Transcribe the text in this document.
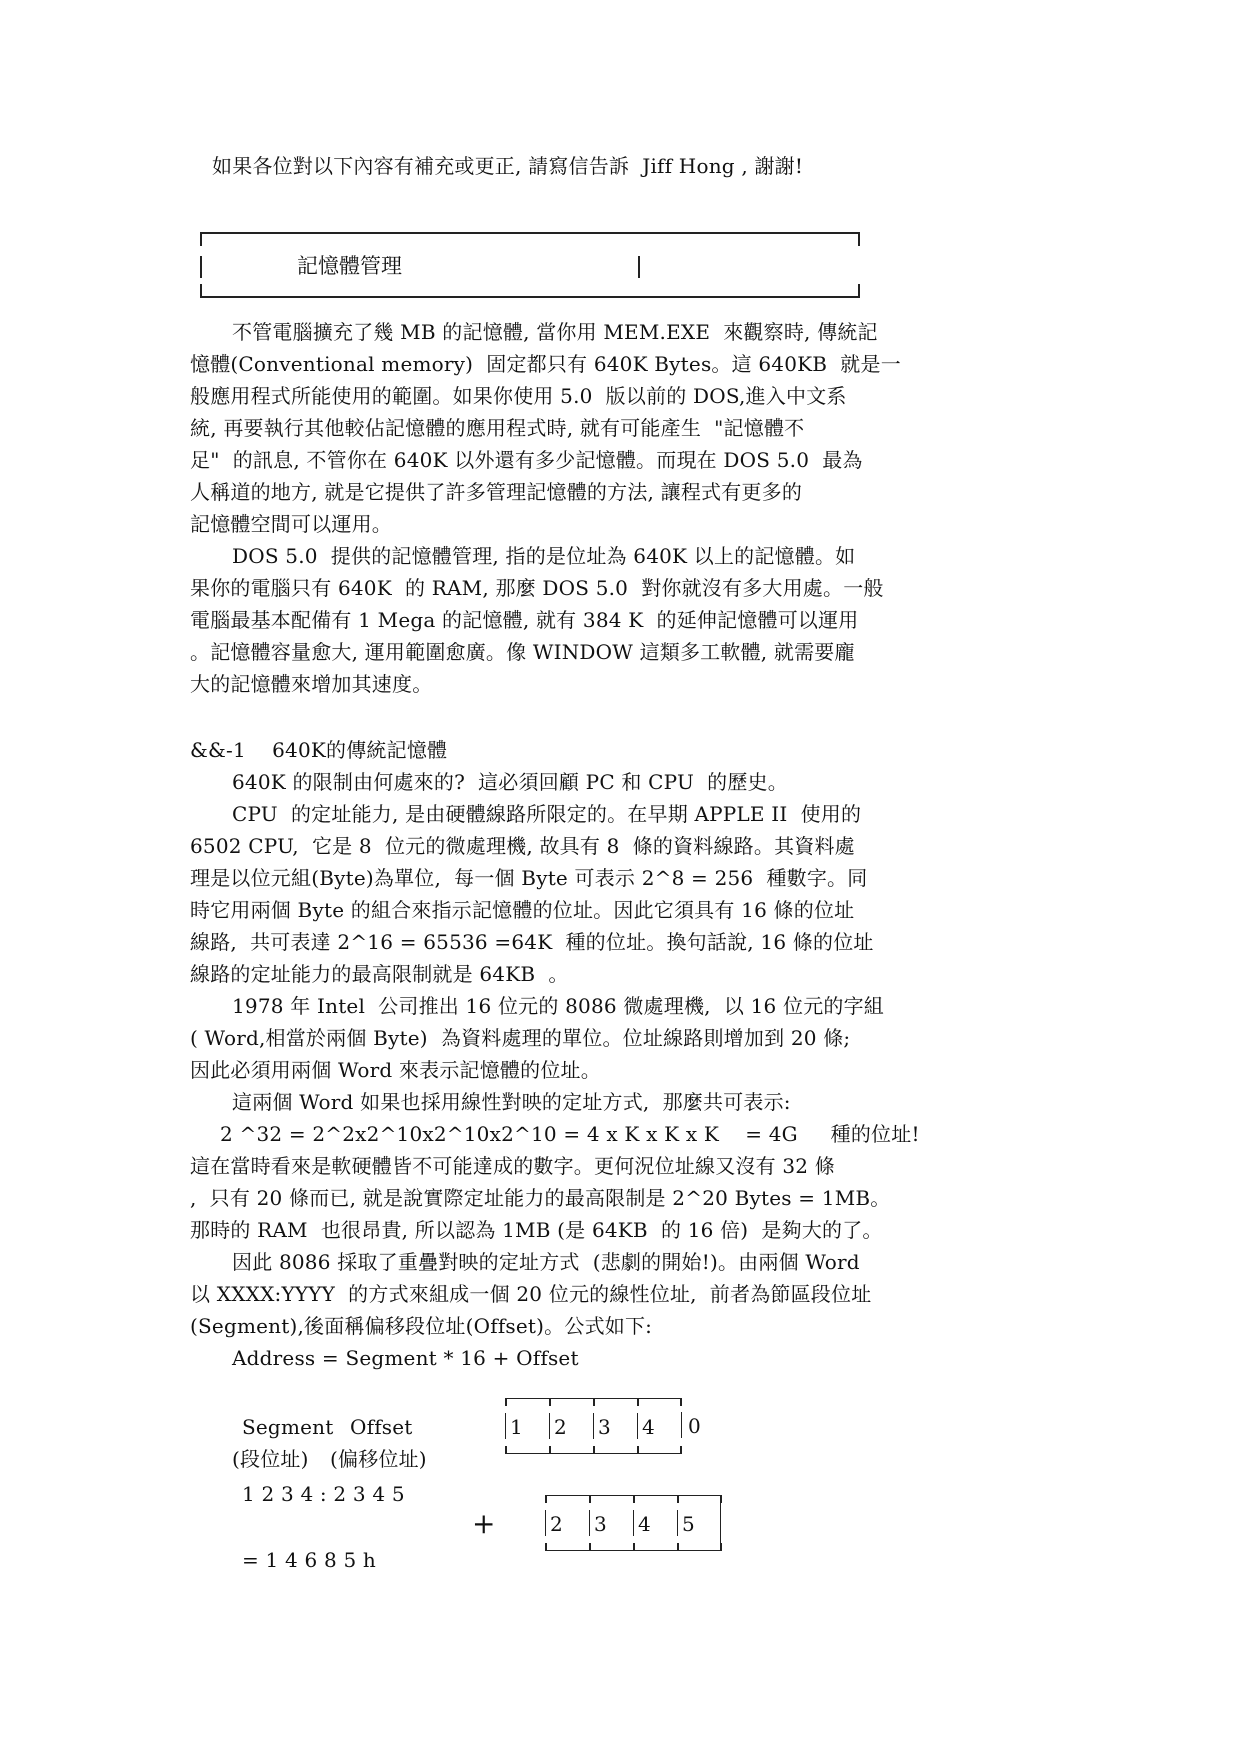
如果各位對以下內容有補充或更正, 請寫信告訴  Jiff Hong , 謝謝!
記憶體管理
不管電腦擴充了幾 MB 的記憶體, 當你用 MEM.EXE  來觀察時, 傳統記
憶體(Conventional memory)  固定都只有 640K Bytes。這 640KB  就是一
般應用程式所能使用的範圍。如果你使用 5.0  版以前的 DOS,進入中文系
統, 再要執行其他較佔記憶體的應用程式時, 就有可能產生  "記憶體不
足"  的訊息, 不管你在 640K 以外還有多少記憶體。而現在 DOS 5.0  最為
人稱道的地方, 就是它提供了許多管理記憶體的方法, 讓程式有更多的
記憶體空間可以運用。
DOS 5.0  提供的記憶體管理, 指的是位址為 640K 以上的記憶體。如
果你的電腦只有 640K  的 RAM, 那麼 DOS 5.0  對你就沒有多大用處。一般
電腦最基本配備有 1 Mega 的記憶體, 就有 384 K  的延伸記憶體可以運用
。記憶體容量愈大, 運用範圍愈廣。像 WINDOW 這類多工軟體, 就需要龐
大的記憶體來增加其速度。
&&-1    640K的傳統記憶體
640K 的限制由何處來的?  這必須回顧 PC 和 CPU  的歷史。
CPU  的定址能力, 是由硬體線路所限定的。在早期 APPLE II  使用的
6502 CPU,  它是 8  位元的微處理機, 故具有 8  條的資料線路。其資料處
理是以位元組(Byte)為單位,  每一個 Byte 可表示 2^8 = 256  種數字。同
時它用兩個 Byte 的組合來指示記憶體的位址。因此它須具有 16 條的位址
線路,  共可表達 2^16 = 65536 =64K  種的位址。換句話說, 16 條的位址
線路的定址能力的最高限制就是 64KB  。
1978 年 Intel  公司推出 16 位元的 8086 微處理機,  以 16 位元的字組
( Word,相當於兩個 Byte)  為資料處理的單位。位址線路則增加到 20 條;
因此必須用兩個 Word 來表示記憶體的位址。
這兩個 Word 如果也採用線性對映的定址方式,  那麼共可表示:
2 ^32 = 2^2x2^10x2^10x2^10 = 4 x K x K x K    = 4G     種的位址!
這在當時看來是軟硬體皆不可能達成的數字。更何況位址線又沒有 32 條
,  只有 20 條而已, 就是說實際定址能力的最高限制是 2^20 Bytes = 1MB。
那時的 RAM  也很昂貴, 所以認為 1MB (是 64KB  的 16 倍)  是夠大的了。
因此 8086 採取了重疊對映的定址方式  (悲劇的開始!)。由兩個 Word
以 XXXX:YYYY  的方式來組成一個 20 位元的線性位址,  前者為節區段位址
(Segment),後面稱偏移段位址(Offset)。公式如下:
Address = Segment * 16 + Offset
Segment Offset
(段位址) (偏移位址)
1 2 3 4 : 2 3 4 5
= 1 4 6 8 5 h
1	2	3	4	0
+	2	3	4	5
